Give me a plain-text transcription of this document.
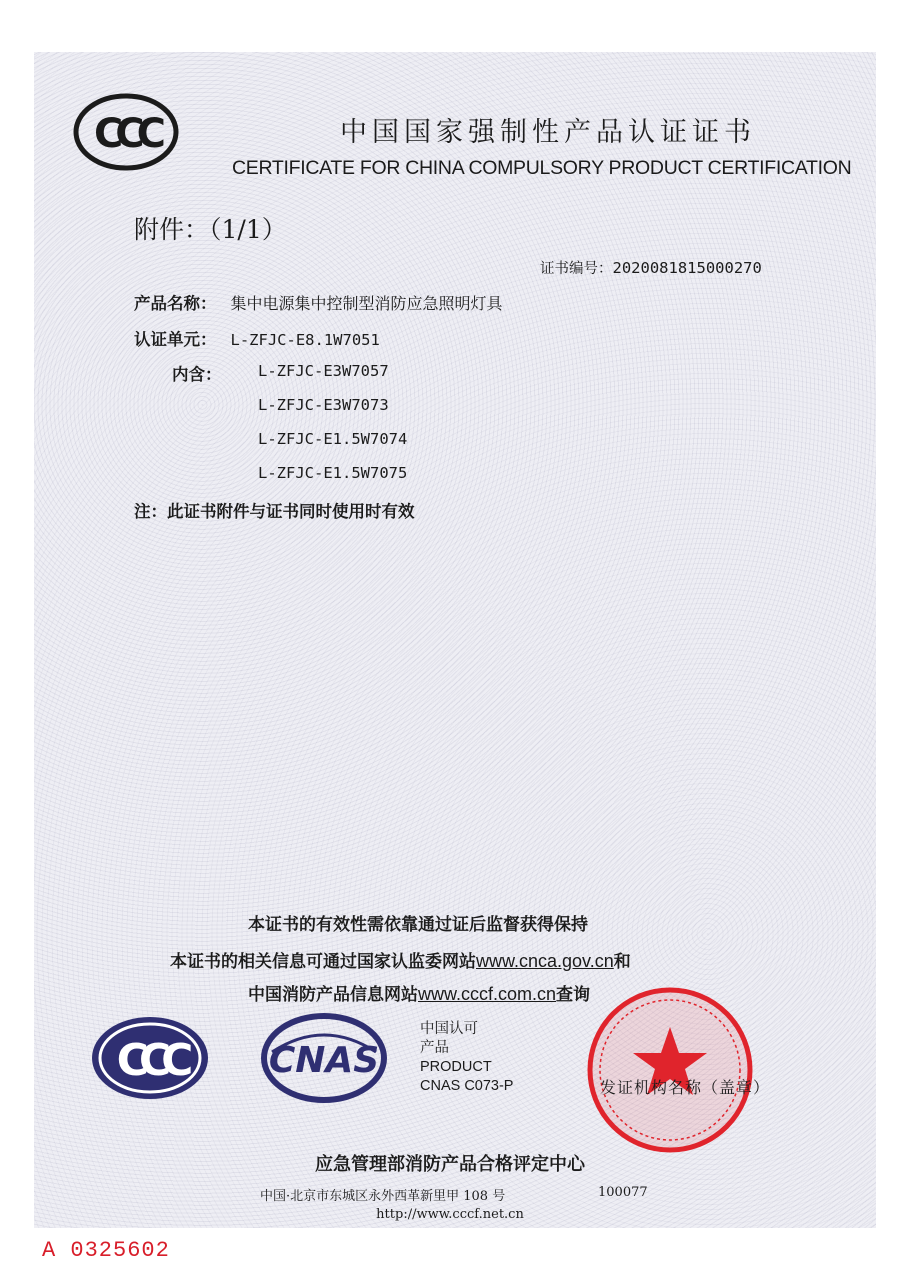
CCC	中国国家强制性产品认证证书
CERTIFICATE FOR CHINA COMPULSORY PRODUCT CERTIFICATION
附件：（1/1）
证书编号：2020081815000270
产品名称： 集中电源集中控制型消防应急照明灯具
认证单元： L-ZFJC-E8.1W7051
内含： L-ZFJC-E3W7057
L-ZFJC-E3W7073
L-ZFJC-E1.5W7074
L-ZFJC-E1.5W7075
注：此证书附件与证书同时使用时有效
本证书的有效性需依靠通过证后监督获得保持
本证书的相关信息可通过国家认监委网站www.cnca.gov.cn和
中国消防产品信息网站www.cccf.com.cn查询
CCC CNAS
中国认可
产品
PRODUCT
CNAS C073-P	发证机构名称（盖章）
应急管理部消防产品合格评定中心
中国·北京市东城区永外西革新里甲 108 号	100077
http://www.cccf.net.cn
A 0325602
